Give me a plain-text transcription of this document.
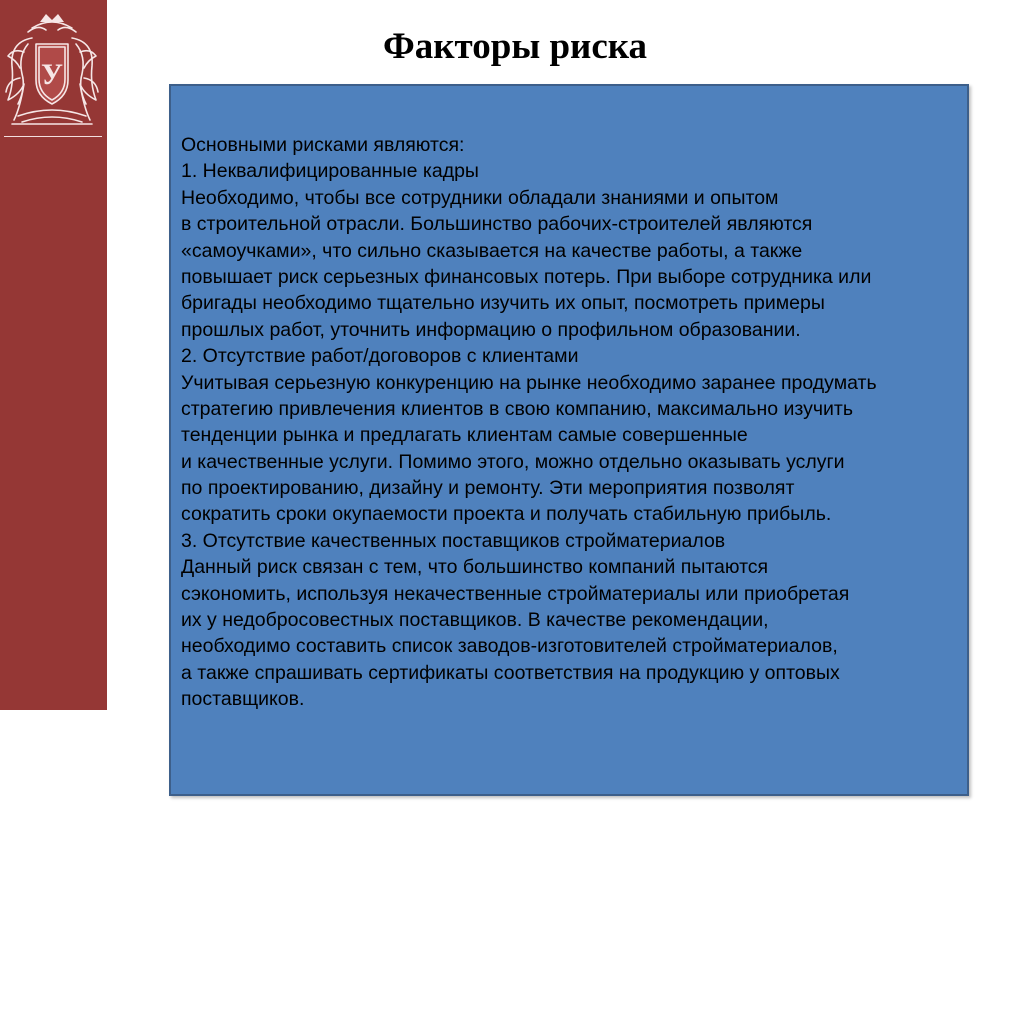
У
Факторы риска

Основными рисками являются:
1. Неквалифицированные кадры
Необходимо, чтобы все сотрудники обладали знаниями и опытом
в строительной отрасли. Большинство рабочих-строителей являются
«самоучками», что сильно сказывается на качестве работы, а также
повышает риск серьезных финансовых потерь. При выборе сотрудника или
бригады необходимо тщательно изучить их опыт, посмотреть примеры
прошлых работ, уточнить информацию о профильном образовании.
2. Отсутствие работ/договоров с клиентами
Учитывая серьезную конкуренцию на рынке необходимо заранее продумать
стратегию привлечения клиентов в свою компанию, максимально изучить
тенденции рынка и предлагать клиентам самые совершенные
и качественные услуги. Помимо этого, можно отдельно оказывать услуги
по проектированию, дизайну и ремонту. Эти мероприятия позволят
сократить сроки окупаемости проекта и получать стабильную прибыль.
3. Отсутствие качественных поставщиков стройматериалов
Данный риск связан с тем, что большинство компаний пытаются
сэкономить, используя некачественные стройматериалы или приобретая
их у недобросовестных поставщиков. В качестве рекомендации,
необходимо составить список заводов-изготовителей стройматериалов,
а также спрашивать сертификаты соответствия на продукцию у оптовых
поставщиков.
